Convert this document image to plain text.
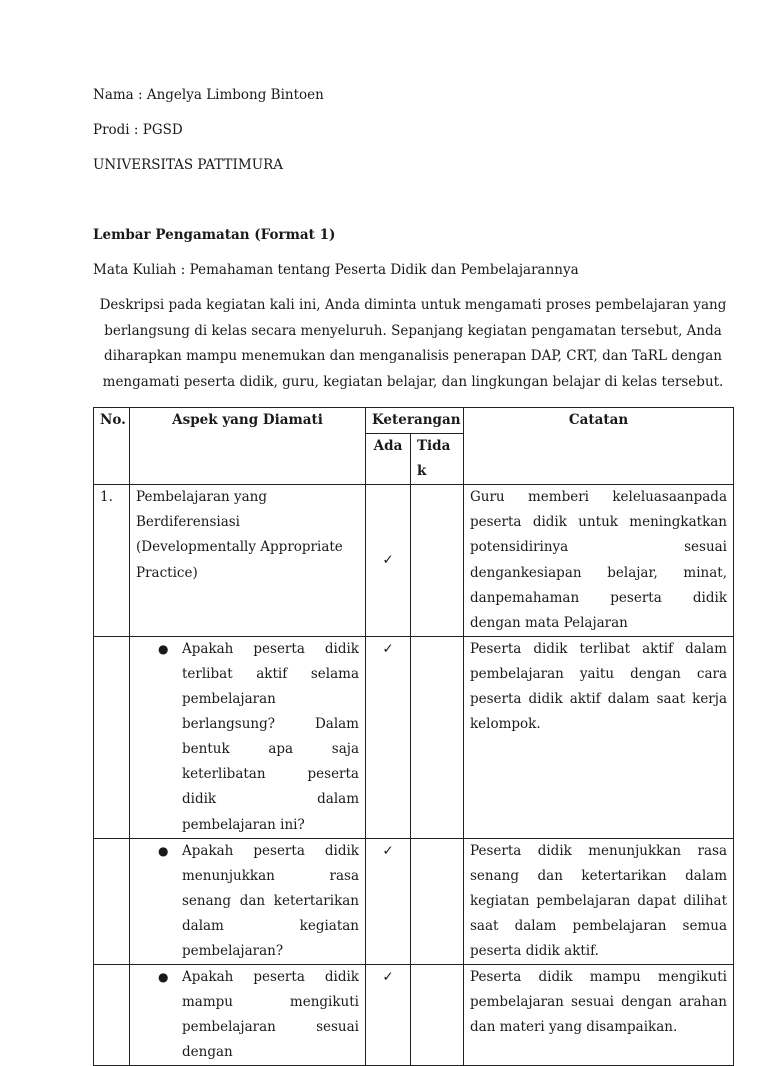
Nama : Angelya Limbong Bintoen
Prodi : PGSD
UNIVERSITAS PATTIMURA
Lembar Pengamatan (Format 1)
Mata Kuliah : Pemahaman tentang Peserta Didik dan Pembelajarannya
Deskripsi pada kegiatan kali ini, Anda diminta untuk mengamati proses pembelajaran yang berlangsung di kelas secara menyeluruh. Sepanjang kegiatan pengamatan tersebut, Anda diharapkan mampu menemukan dan menganalisis penerapan DAP, CRT, dan TaRL dengan mengamati peserta didik, guru, kegiatan belajar, dan lingkungan belajar di kelas tersebut.
No.	Aspek yang Diamati	Keterangan		Catatan
		Ada	Tidak	
1.	Pembelajaran yang Berdiferensiasi (Developmentally Appropriate Practice)	✓		Guru memberi keleluasaanpada peserta didik untuk meningkatkan potensidirinya sesuai dengankesiapan belajar, minat, danpemahaman peserta didik dengan mata Pelajaran

	● Apakah peserta didik terlibat aktif selama pembelajaran berlangsung? Dalam bentuk apa saja keterlibatan peserta didik dalam pembelajaran ini?	✓		Peserta didik terlibat aktif dalam pembelajaran yaitu dengan cara peserta didik aktif dalam saat kerja kelompok.

	● Apakah peserta didik menunjukkan rasa senang dan ketertarikan dalam kegiatan pembelajaran?	✓		Peserta didik menunjukkan rasa senang dan ketertarikan dalam kegiatan pembelajaran dapat dilihat saat dalam pembelajaran semua peserta didik aktif.

	● Apakah peserta didik mampu mengikuti pembelajaran sesuai dengan	✓		Peserta didik mampu mengikuti pembelajaran sesuai dengan arahan dan materi yang disampaikan.
